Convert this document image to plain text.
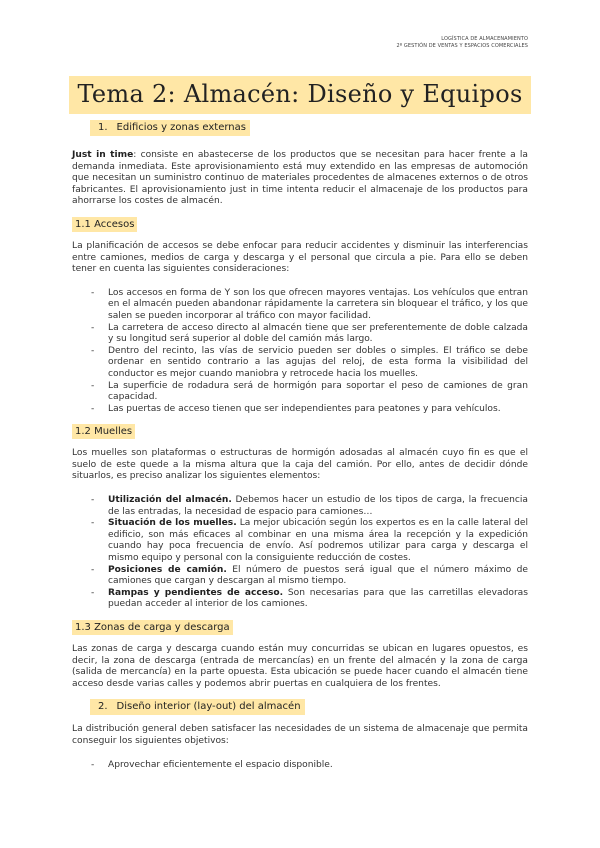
LOGÍSTICA DE ALMACENAMIENTO
2º GESTIÓN DE VENTAS Y ESPACIOS COMERCIALES
Tema 2: Almacén: Diseño y Equipos
1. Edificios y zonas externas

Just in time: consiste en abastecerse de los productos que se necesitan para hacer frente a la demanda inmediata. Este aprovisionamiento está muy extendido en las empresas de automoción que necesitan un suministro continuo de materiales procedentes de almacenes externos o de otros fabricantes. El aprovisionamiento just in time intenta reducir el almacenaje de los productos para ahorrarse los costes de almacén.

1.1 Accesos

La planificación de accesos se debe enfocar para reducir accidentes y disminuir las interferencias entre camiones, medios de carga y descarga y el personal que circula a pie. Para ello se deben tener en cuenta las siguientes consideraciones:

- Los accesos en forma de Y son los que ofrecen mayores ventajas. Los vehículos que entran en el almacén pueden abandonar rápidamente la carretera sin bloquear el tráfico, y los que salen se pueden incorporar al tráfico con mayor facilidad.
- La carretera de acceso directo al almacén tiene que ser preferentemente de doble calzada y su longitud será superior al doble del camión más largo.
- Dentro del recinto, las vías de servicio pueden ser dobles o simples. El tráfico se debe ordenar en sentido contrario a las agujas del reloj, de esta forma la visibilidad del conductor es mejor cuando maniobra y retrocede hacia los muelles.
- La superficie de rodadura será de hormigón para soportar el peso de camiones de gran capacidad.
- Las puertas de acceso tienen que ser independientes para peatones y para vehículos.
1.2 Muelles

Los muelles son plataformas o estructuras de hormigón adosadas al almacén cuyo fin es que el suelo de este quede a la misma altura que la caja del camión. Por ello, antes de decidir dónde situarlos, es preciso analizar los siguientes elementos:

- Utilización del almacén. Debemos hacer un estudio de los tipos de carga, la frecuencia de las entradas, la necesidad de espacio para camiones…
- Situación de los muelles. La mejor ubicación según los expertos es en la calle lateral del edificio, son más eficaces al combinar en una misma área la recepción y la expedición cuando hay poca frecuencia de envío. Así podremos utilizar para carga y descarga el mismo equipo y personal con la consiguiente reducción de costes.
- Posiciones de camión. El número de puestos será igual que el número máximo de camiones que cargan y descargan al mismo tiempo.
- Rampas y pendientes de acceso. Son necesarias para que las carretillas elevadoras puedan acceder al interior de los camiones.
1.3 Zonas de carga y descarga

Las zonas de carga y descarga cuando están muy concurridas se ubican en lugares opuestos, es decir, la zona de descarga (entrada de mercancías) en un frente del almacén y la zona de carga (salida de mercancía) en la parte opuesta. Esta ubicación se puede hacer cuando el almacén tiene acceso desde varias calles y podemos abrir puertas en cualquiera de los frentes.

2. Diseño interior (lay-out) del almacén

La distribución general deben satisfacer las necesidades de un sistema de almacenaje que permita conseguir los siguientes objetivos:

- Aprovechar eficientemente el espacio disponible.
